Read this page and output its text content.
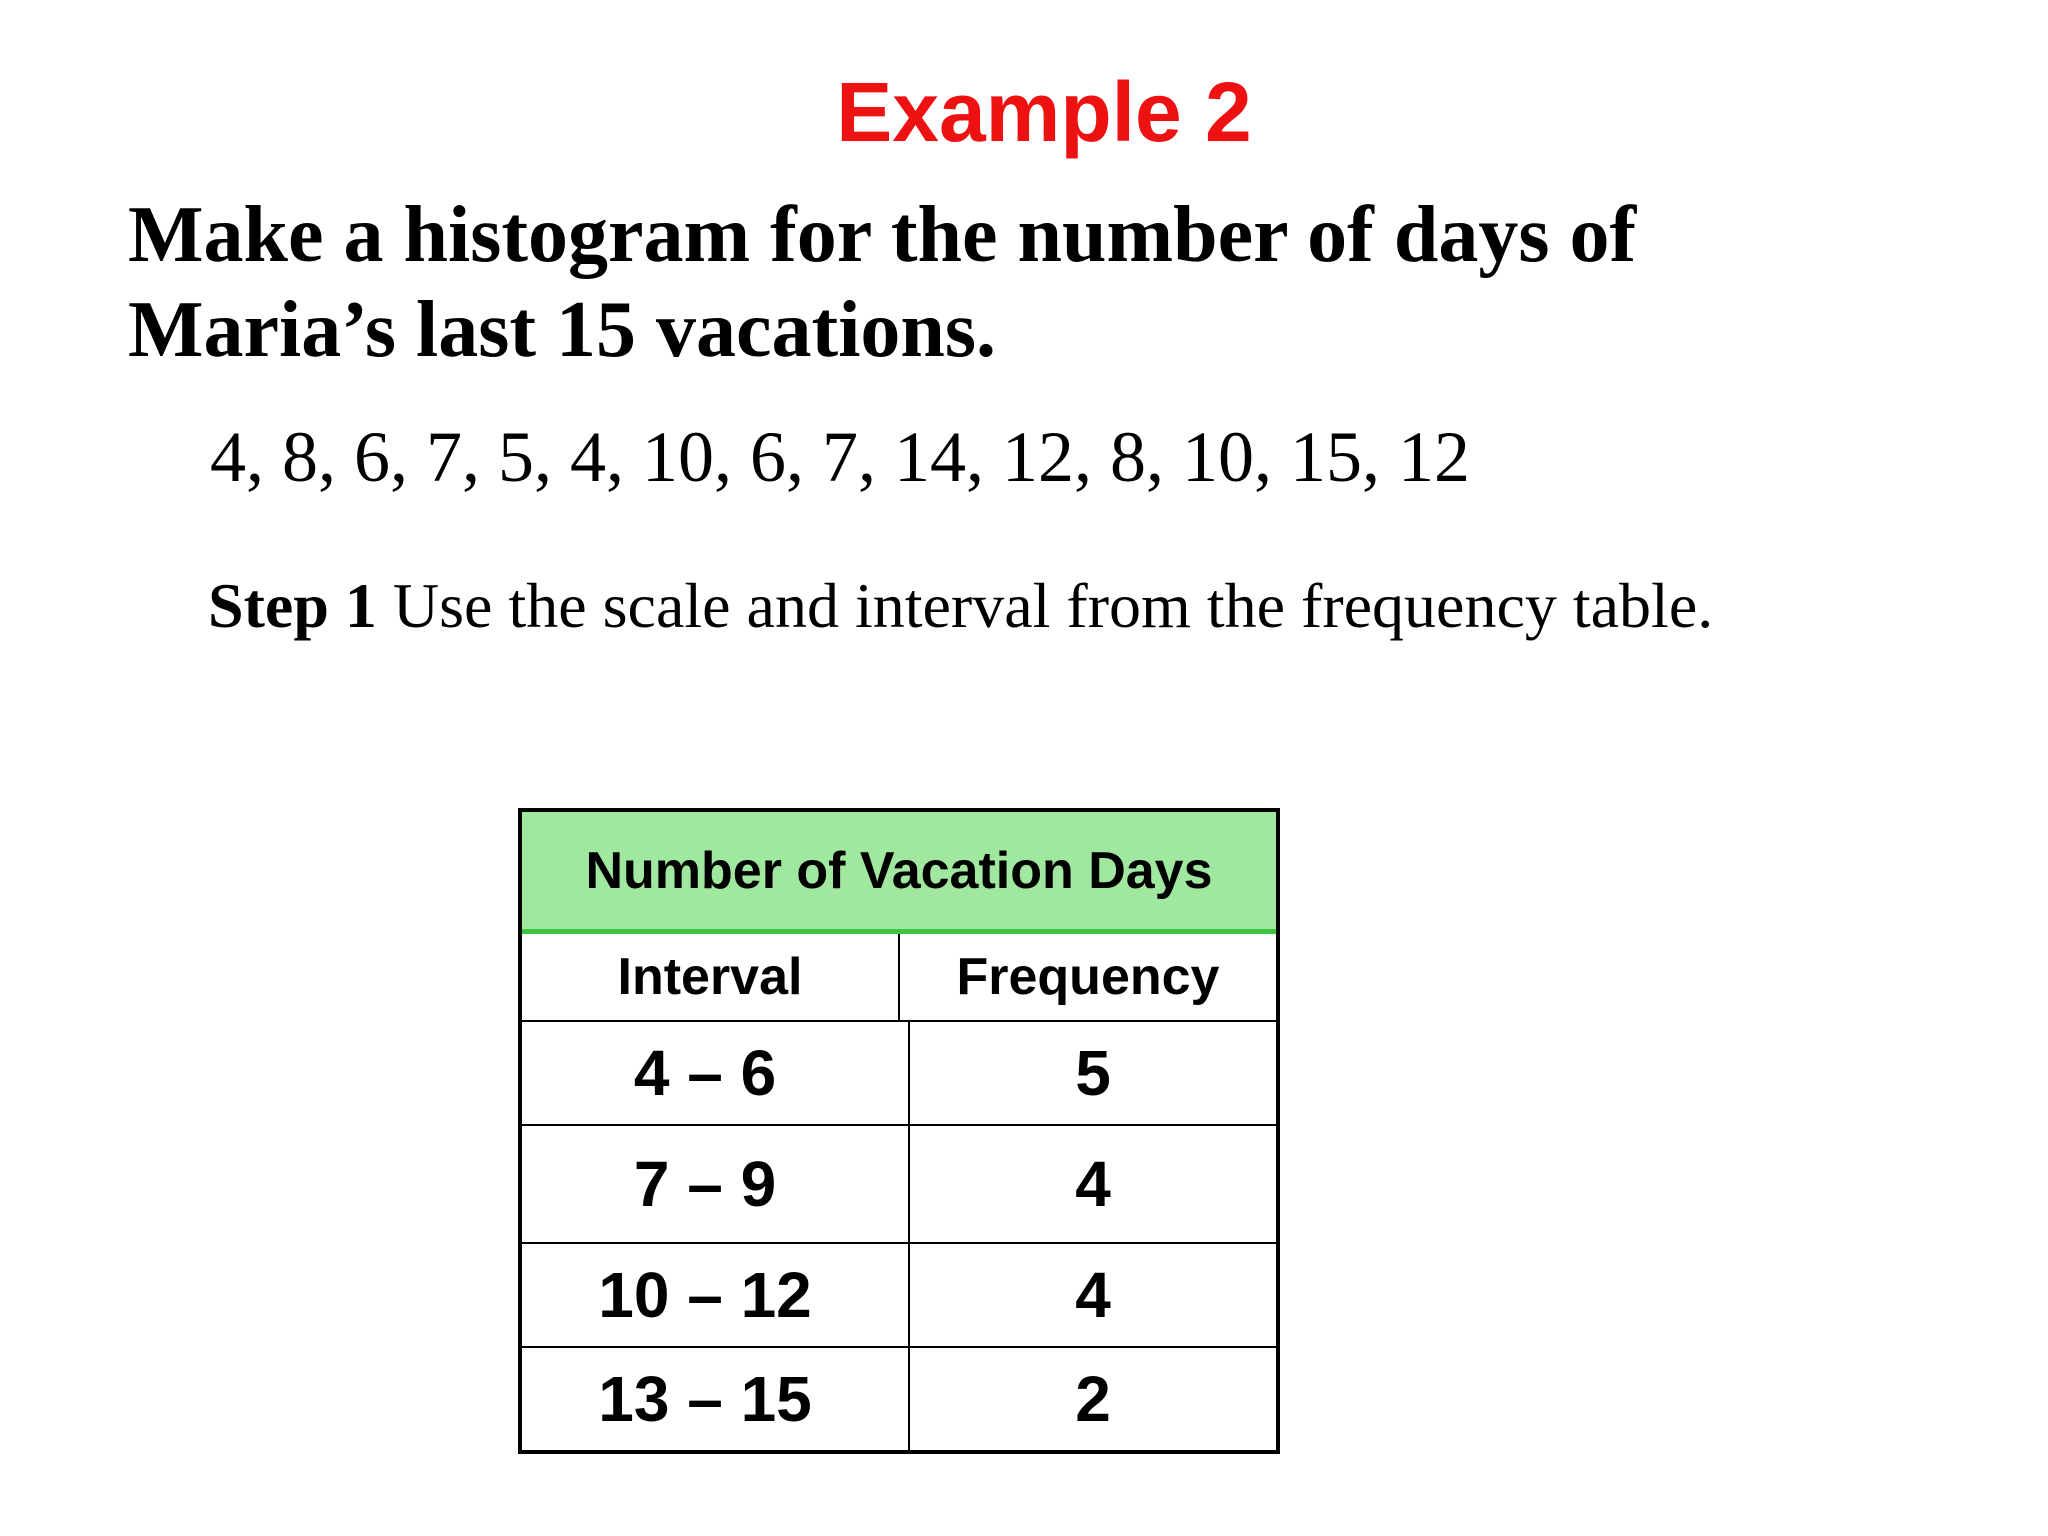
Example 2
Make a histogram for the number of days of
Maria’s last 15 vacations.
4, 8, 6, 7, 5, 4, 10, 6, 7, 14, 12, 8, 10, 15, 12
Step 1 Use the scale and interval from the frequency table.
Number of Vacation Days
Interval	Frequency
4 – 6	5
7 – 9	4
10 – 12	4
13 – 15	2
